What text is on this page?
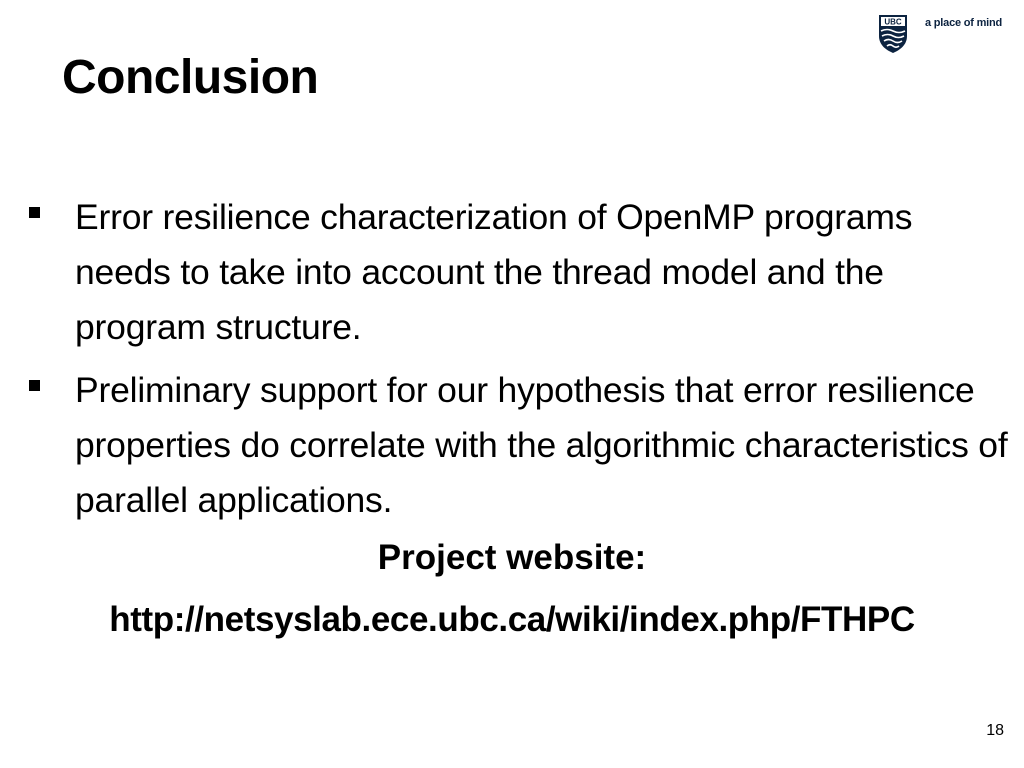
Conclusion
UBC a place of mind
Error resilience characterization of OpenMP programs needs to take into account the thread model and the program structure.
Preliminary support for our hypothesis that error resilience properties do correlate with the algorithmic characteristics of parallel applications.

Project website:

http://netsyslab.ece.ubc.ca/wiki/index.php/FTHPC

18
